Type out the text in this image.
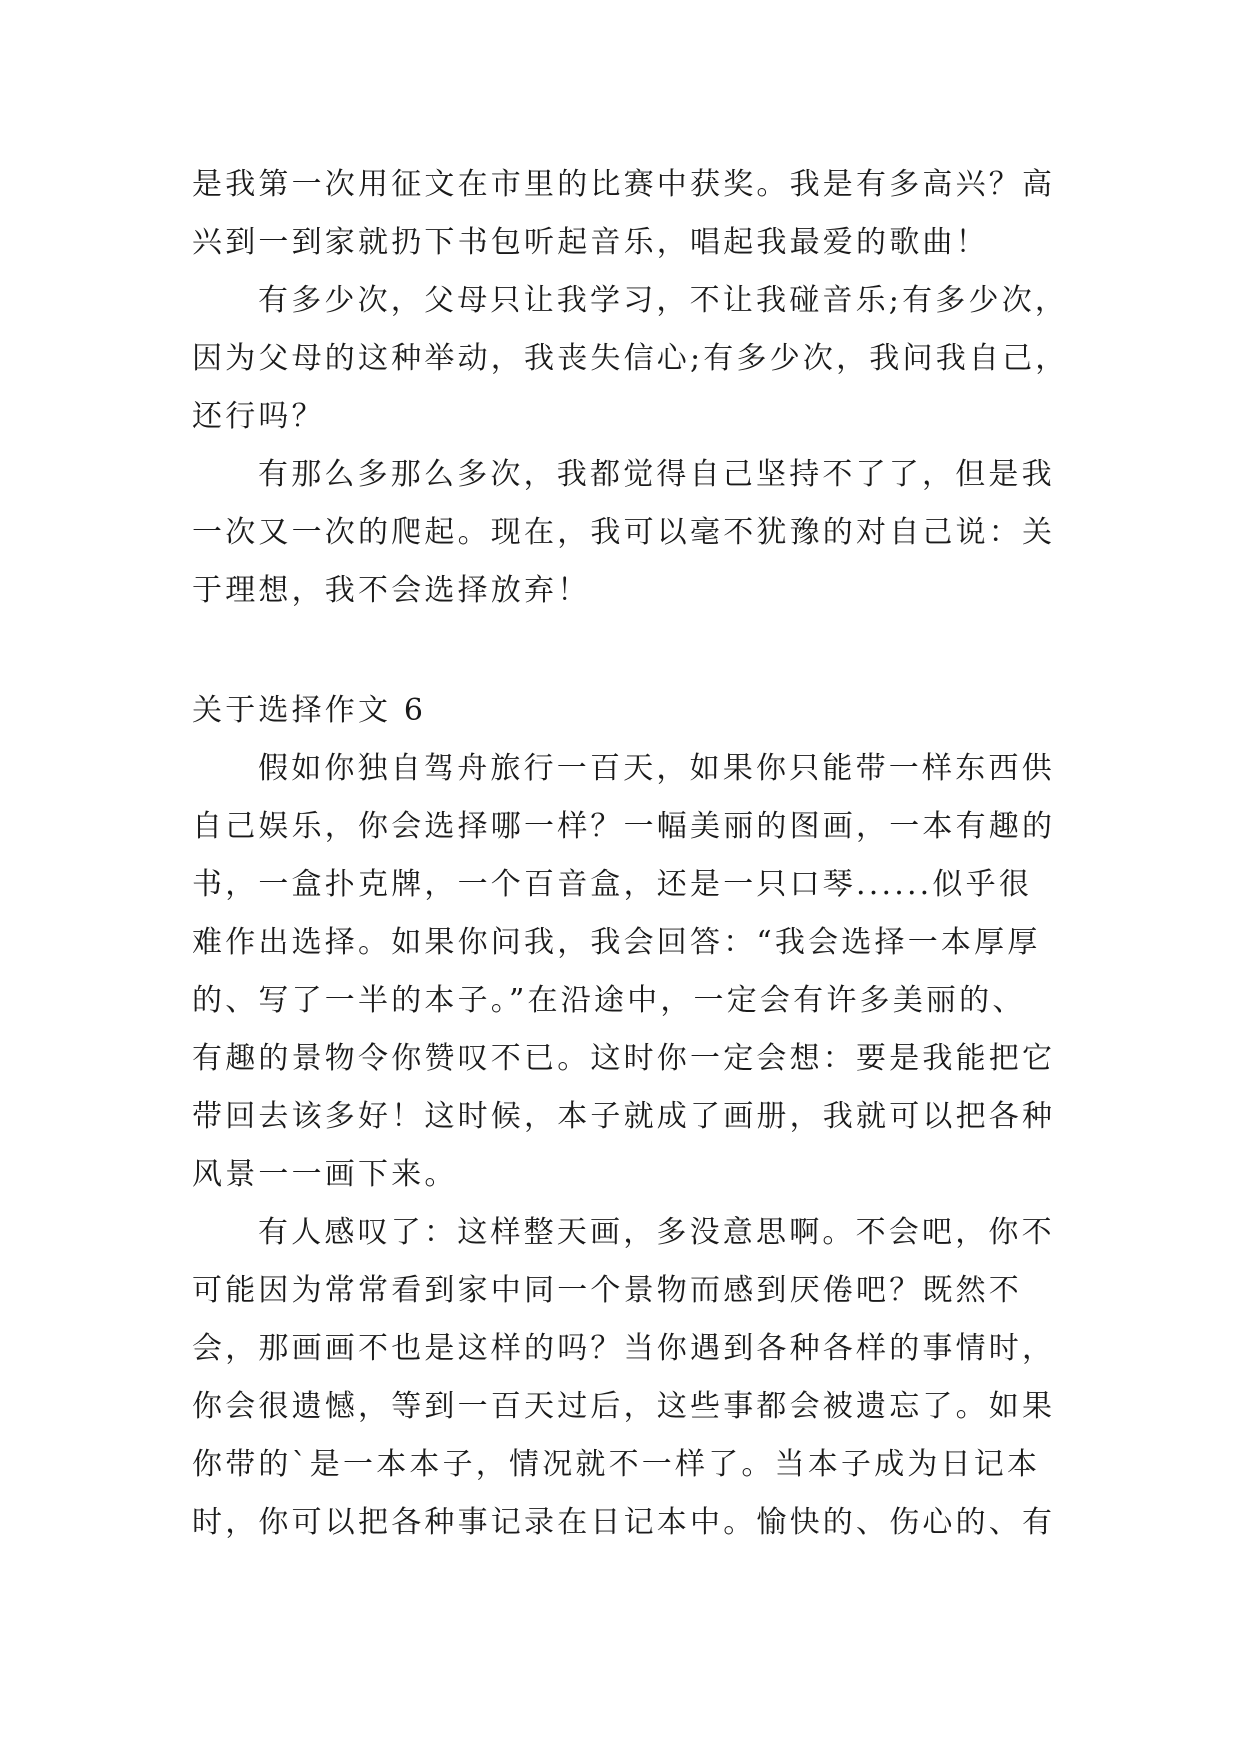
是我第一次用征文在市里的比赛中获奖。我是有多高兴？高
兴到一到家就扔下书包听起音乐，唱起我最爱的歌曲！
有多少次，父母只让我学习，不让我碰音乐;有多少次，
因为父母的这种举动，我丧失信心;有多少次，我问我自己，
还行吗？
有那么多那么多次，我都觉得自己坚持不了了，但是我
一次又一次的爬起。现在，我可以毫不犹豫的对自己说：关
于理想，我不会选择放弃！
关于选择作文 6
假如你独自驾舟旅行一百天，如果你只能带一样东西供
自己娱乐，你会选择哪一样？一幅美丽的图画，一本有趣的
书，一盒扑克牌，一个百音盒，还是一只口琴......似乎很
难作出选择。如果你问我，我会回答：“我会选择一本厚厚
的、写了一半的本子。”在沿途中，一定会有许多美丽的、
有趣的景物令你赞叹不已。这时你一定会想：要是我能把它
带回去该多好！这时候，本子就成了画册，我就可以把各种
风景一一画下来。
有人感叹了：这样整天画，多没意思啊。不会吧，你不
可能因为常常看到家中同一个景物而感到厌倦吧？既然不
会，那画画不也是这样的吗？当你遇到各种各样的事情时，
你会很遗憾，等到一百天过后，这些事都会被遗忘了。如果
你带的`是一本本子，情况就不一样了。当本子成为日记本
时，你可以把各种事记录在日记本中。愉快的、伤心的、有
